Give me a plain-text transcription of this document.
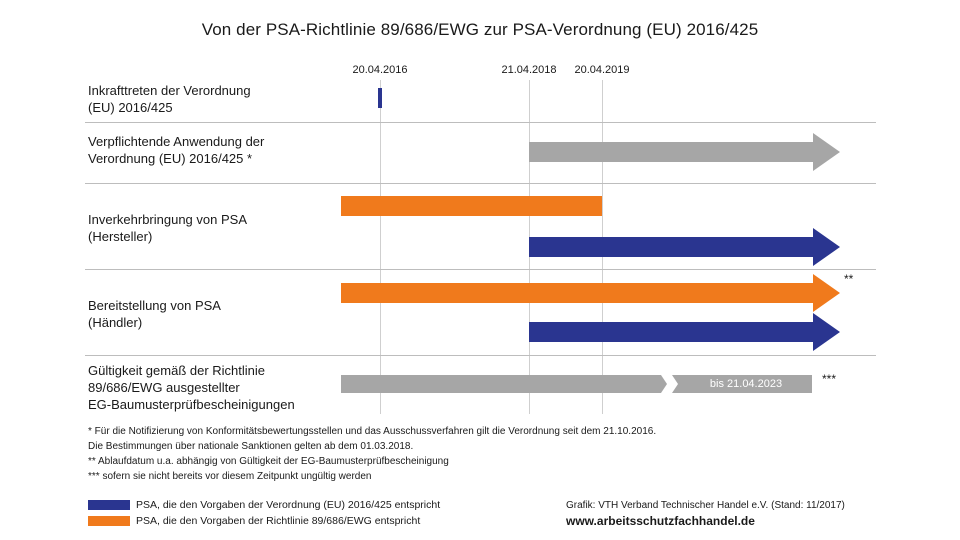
Von der PSA-Richtlinie 89/686/EWG zur PSA-Verordnung (EU) 2016/425
20.04.2016	21.04.2018 20.04.2019
Inkrafttreten der Verordnung
(EU) 2016/425
Verpflichtende Anwendung der
Verordnung (EU) 2016/425 *
Inverkehrbringung von PSA
(Hersteller)
Bereitstellung von PSA
(Händler)
Gültigkeit gemäß der Richtlinie
89/686/EWG ausgestellter
EG-Baumusterprüfbescheinigungen
bis 21.04.2023
**
***
* Für die Notifizierung von Konformitätsbewertungsstellen und das Ausschussverfahren gilt die Verordnung seit dem 21.10.2016.
Die Bestimmungen über nationale Sanktionen gelten ab dem 01.03.2018.
** Ablaufdatum u.a. abhängig von Gültigkeit der EG-Baumusterprüfbescheinigung
*** sofern sie nicht bereits vor diesem Zeitpunkt ungültig werden
PSA, die den Vorgaben der Verordnung (EU) 2016/425 entspricht
PSA, die den Vorgaben der Richtlinie 89/686/EWG entspricht
Grafik: VTH Verband Technischer Handel e.V. (Stand: 11/2017)
www.arbeitsschutzfachhandel.de
